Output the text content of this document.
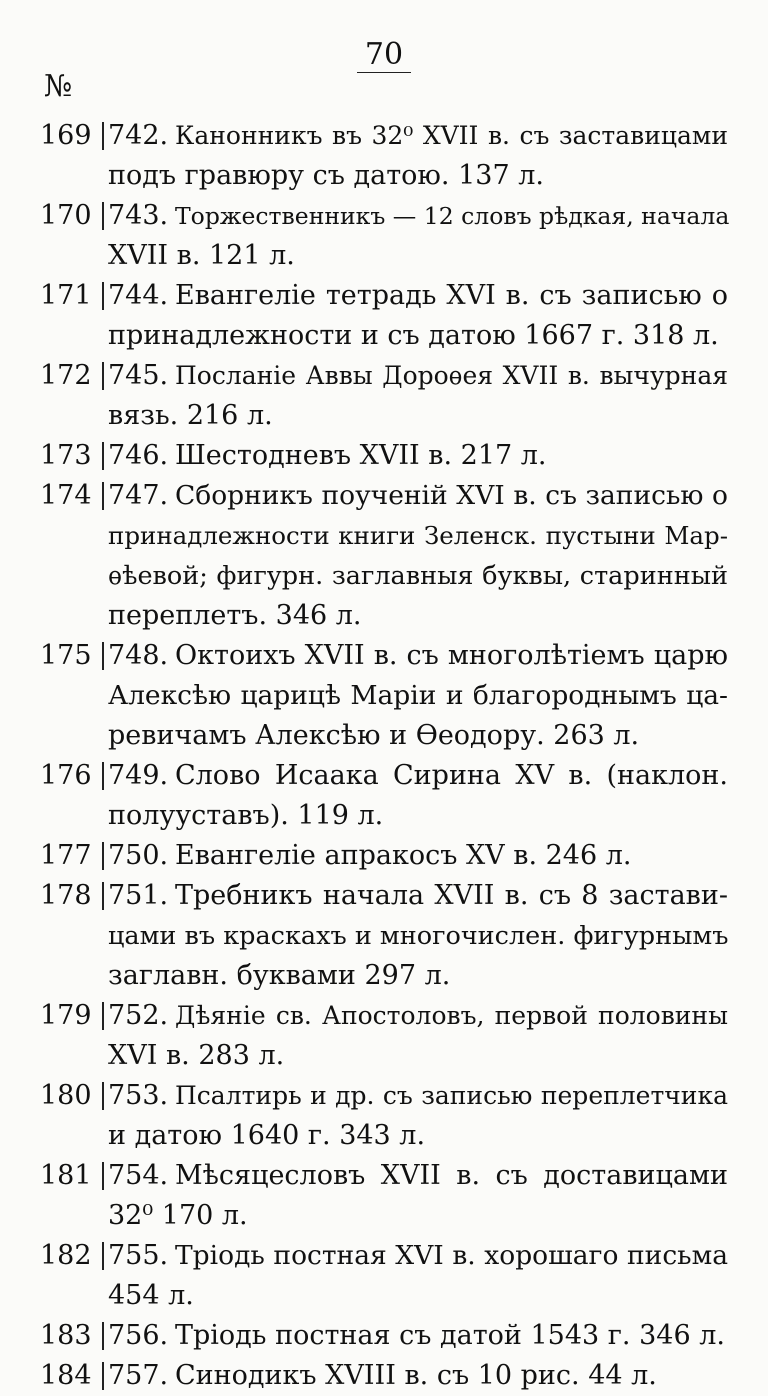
70
№
169 742. Канонникъ въ 32⁰ XVII в. съ заставицами
подъ гравюру съ датою. 137 л.
170 743. Торжественникъ — 12 словъ рѣдкая, начала
XVII в. 121 л.
171 744. Евангеліе тетрадь XVI в. съ записью о
принадлежности и съ датою 1667 г. 318 л.
172 745. Посланіе Аввы Дороѳея XVII в. вычурная
вязь. 216 л.
173 746. Шестодневъ XVII в. 217 л.
174 747. Сборникъ поученій XVI в. съ записью о
принадлежности книги Зеленск. пустыни Мар-
ѳѣевой; фигурн. заглавныя буквы, старинный
переплетъ. 346 л.
175 748. Октоихъ XVII в. съ многолѣтіемъ царю
Алексѣю царицѣ Маріи и благороднымъ ца-
ревичамъ Алексѣю и Ѳеодору. 263 л.
176 749. Слово Исаака Сирина XV в. (наклон.
полууставъ). 119 л.
177 750. Евангеліе апракосъ XV в. 246 л.
178 751. Требникъ начала XVII в. съ 8 застави-
цами въ краскахъ и многочислен. фигурнымъ
заглавн. буквами 297 л.
179 752. Дѣяніе св. Апостоловъ, первой половины
XVI в. 283 л.
180 753. Псалтирь и др. съ записью переплетчика
и датою 1640 г. 343 л.
181 754. Мѣсяцесловъ XVII в. съ доставицами
32⁰ 170 л.
182 755. Тріодь постная XVI в. хорошаго письма
454 л.
183 756. Тріодь постная съ датой 1543 г. 346 л.
184 757. Синодикъ XVIII в. съ 10 рис. 44 л.
